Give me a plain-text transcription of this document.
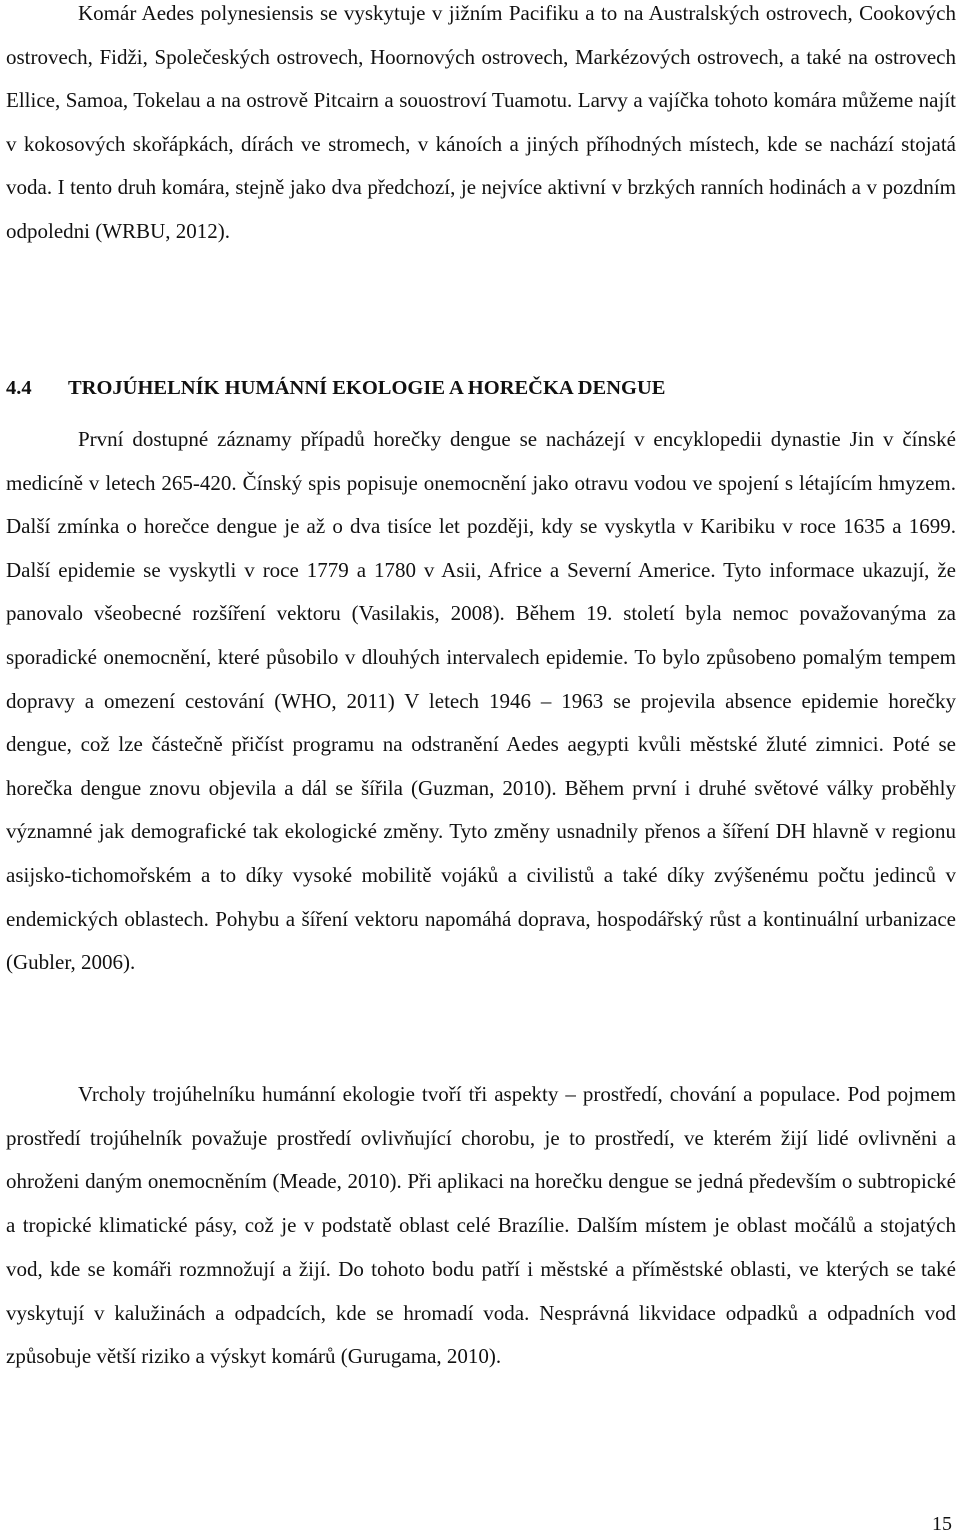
Komár Aedes polynesiensis se vyskytuje v jižním Pacifiku a to na Australských ostrovech, Cookových ostrovech, Fidži, Společeských ostrovech, Hoornových ostrovech, Markézových ostrovech, a také na ostrovech Ellice, Samoa, Tokelau a na ostrově Pitcairn a souostroví Tuamotu. Larvy a vajíčka tohoto komára můžeme najít v kokosových skořápkách, dírách ve stromech, v kánoích a jiných příhodných místech, kde se nachází stojatá voda. I tento druh komára, stejně jako dva předchozí, je nejvíce aktivní v brzkých ranních hodinách a v pozdním odpoledni (WRBU, 2012).

4.4 TROJÚHELNÍK HUMÁNNÍ EKOLOGIE A HOREČKA DENGUE

První dostupné záznamy případů horečky dengue se nacházejí v encyklopedii dynastie Jin v čínské medicíně v letech 265-420. Čínský spis popisuje onemocnění jako otravu vodou ve spojení s létajícím hmyzem. Další zmínka o horečce dengue je až o dva tisíce let později, kdy se vyskytla v Karibiku v roce 1635 a 1699. Další epidemie se vyskytli v roce 1779 a 1780 v Asii, Africe a Severní Americe. Tyto informace ukazují, že panovalo všeobecné rozšíření vektoru (Vasilakis, 2008). Během 19. století byla nemoc považovanýma za sporadické onemocnění, které působilo v dlouhých intervalech epidemie. To bylo způsobeno pomalým tempem dopravy a omezení cestování (WHO, 2011) V letech 1946 – 1963 se projevila absence epidemie horečky dengue, což lze částečně přičíst programu na odstranění Aedes aegypti kvůli městské žluté zimnici. Poté se horečka dengue znovu objevila a dál se šířila (Guzman, 2010). Během první i druhé světové války proběhly významné jak demografické tak ekologické změny. Tyto změny usnadnily přenos a šíření DH hlavně v regionu asijsko-tichomořském a to díky vysoké mobilitě vojáků a civilistů a také díky zvýšenému počtu jedinců v endemických oblastech. Pohybu a šíření vektoru napomáhá doprava, hospodářský růst a kontinuální urbanizace (Gubler, 2006).

Vrcholy trojúhelníku humánní ekologie tvoří tři aspekty – prostředí, chování a populace. Pod pojmem prostředí trojúhelník považuje prostředí ovlivňující chorobu, je to prostředí, ve kterém žijí lidé ovlivněni a ohroženi daným onemocněním (Meade, 2010). Při aplikaci na horečku dengue se jedná především o subtropické a tropické klimatické pásy, což je v podstatě oblast celé Brazílie. Dalším místem je oblast močálů a stojatých vod, kde se komáři rozmnožují a žijí. Do tohoto bodu patří i městské a příměstské oblasti, ve kterých se také vyskytují v kalužinách a odpadcích, kde se hromadí voda. Nesprávná likvidace odpadků a odpadních vod způsobuje větší riziko a výskyt komárů (Gurugama, 2010).

15
